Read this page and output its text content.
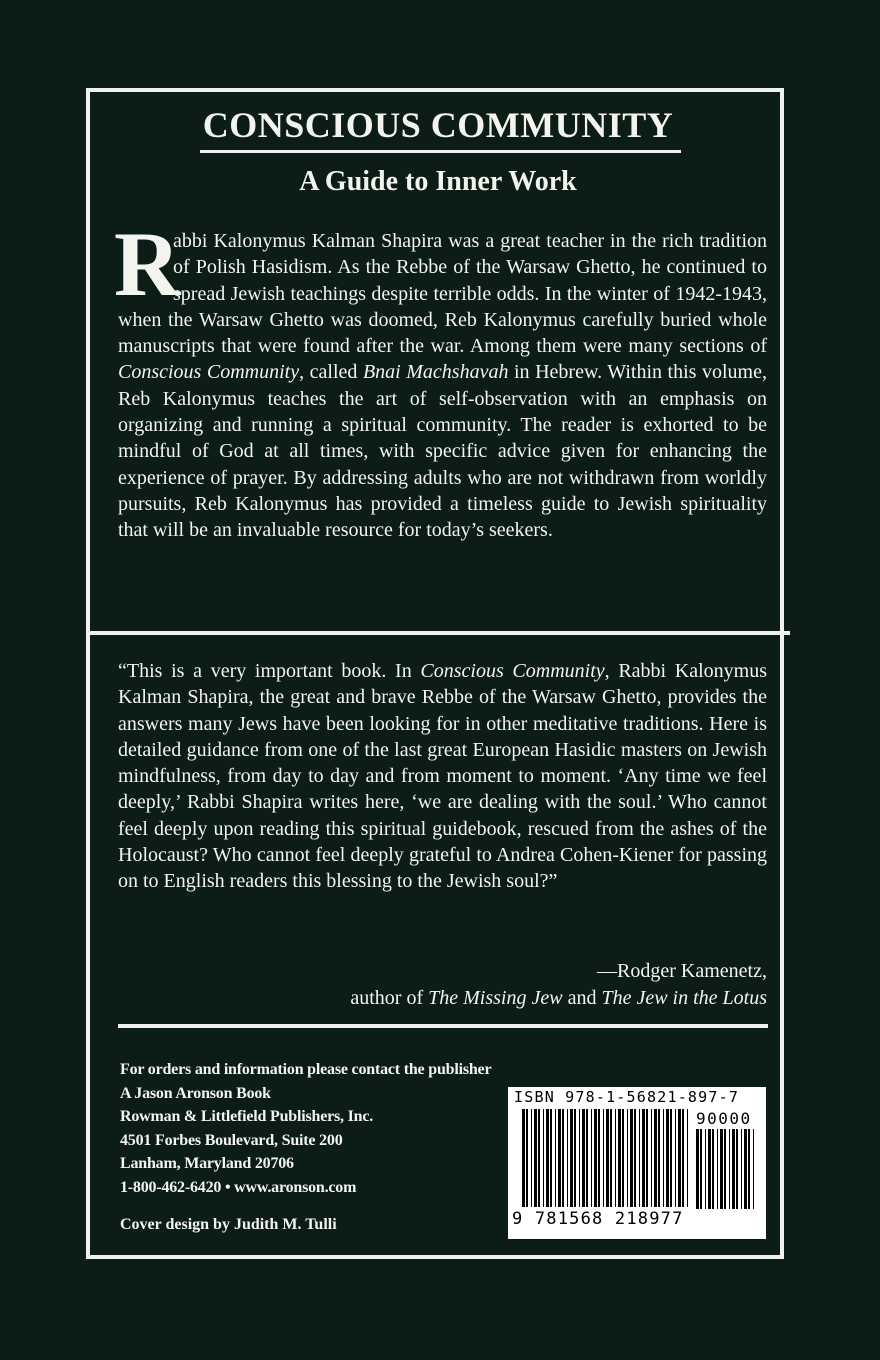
CONSCIOUS COMMUNITY
A Guide to Inner Work
R

abbi Kalonymus Kalman Shapira was a great teacher in the rich tradition of Polish Hasidism. As the Rebbe of the Warsaw Ghetto, he continued to spread Jewish teachings despite terrible odds. In the winter of 1942-1943, when the Warsaw Ghetto was doomed, Reb Kalonymus carefully buried whole manuscripts that were found after the war. Among them were many sections of Conscious Community, called Bnai Machshavah in Hebrew. Within this volume, Reb Kalonymus teaches the art of self-observation with an emphasis on organizing and running a spiritual community. The reader is exhorted to be mindful of God at all times, with specific advice given for enhancing the experience of prayer. By addressing adults who are not withdrawn from worldly pursuits, Reb Kalonymus has provided a timeless guide to Jewish spirituality that will be an invaluable resource for today’s seekers.

“This is a very important book. In Conscious Community, Rabbi Kalonymus Kalman Shapira, the great and brave Rebbe of the Warsaw Ghetto, provides the answers many Jews have been looking for in other meditative traditions. Here is detailed guidance from one of the last great European Hasidic masters on Jewish mindfulness, from day to day and from moment to moment. ‘Any time we feel deeply,’ Rabbi Shapira writes here, ‘we are dealing with the soul.’ Who cannot feel deeply upon reading this spiritual guidebook, rescued from the ashes of the Holocaust? Who cannot feel deeply grateful to Andrea Cohen-Kiener for passing on to English readers this blessing to the Jewish soul?”

—Rodger Kamenetz,
author of The Missing Jew and The Jew in the Lotus
For orders and information please contact the publisher
A Jason Aronson Book
Rowman & Littlefield Publishers, Inc.
4501 Forbes Boulevard, Suite 200
Lanham, Maryland 20706
1-800-462-6420 • www.aronson.com
Cover design by Judith M. Tulli
ISBN 978-1-56821-897-7
90000
9 781568 218977
